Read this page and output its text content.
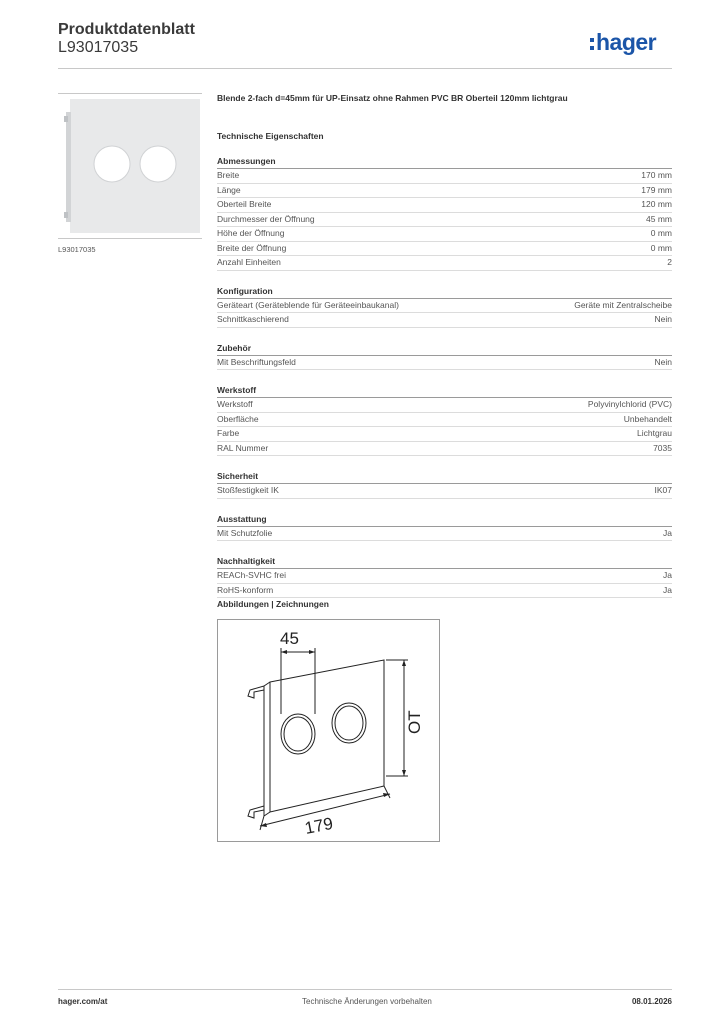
Produktdatenblatt
L93017035	hager
L93017035
Blende 2-fach d=45mm für UP-Einsatz ohne Rahmen PVC BR Oberteil 120mm lichtgrau
Technische Eigenschaften
Abmessungen
Breite	170 mm
Länge	179 mm
Oberteil Breite	120 mm
Durchmesser der Öffnung	45 mm
Höhe der Öffnung	0 mm
Breite der Öffnung	0 mm
Anzahl Einheiten	2
Konfiguration
Geräteart (Geräteblende für Geräteeinbaukanal)	Geräte mit Zentralscheibe
Schnittkaschierend	Nein
Zubehör
Mit Beschriftungsfeld	Nein
Werkstoff
Werkstoff	Polyvinylchlorid (PVC)
Oberfläche	Unbehandelt
Farbe	Lichtgrau
RAL Nummer	7035
Sicherheit
Stoßfestigkeit IK	IK07
Ausstattung
Mit Schutzfolie	Ja
Nachhaltigkeit
REACh-SVHC frei	Ja
RoHS-konform	Ja
Abbildungen | Zeichnungen
45
OT
179
hager.com/at	Technische Änderungen vorbehalten	08.01.2026
